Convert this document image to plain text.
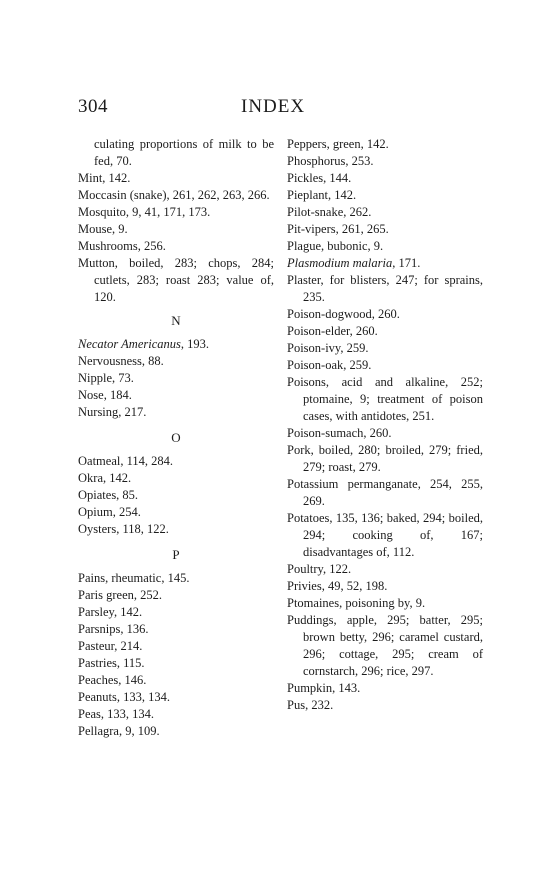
304	INDEX

culating proportions of milk to be fed, 70.

Mint, 142.

Moccasin (snake), 261, 262, 263, 266.

Mosquito, 9, 41, 171, 173.

Mouse, 9.

Mushrooms, 256.

Mutton, boiled, 283; chops, 284; cutlets, 283; roast 283; value of, 120.

N

Necator Americanus, 193.

Nervousness, 88.

Nipple, 73.

Nose, 184.

Nursing, 217.

O

Oatmeal, 114, 284.

Okra, 142.

Opiates, 85.

Opium, 254.

Oysters, 118, 122.

P

Pains, rheumatic, 145.

Paris green, 252.

Parsley, 142.

Parsnips, 136.

Pasteur, 214.

Pastries, 115.

Peaches, 146.

Peanuts, 133, 134.

Peas, 133, 134.

Pellagra, 9, 109.

Peppers, green, 142.

Phosphorus, 253.

Pickles, 144.

Pieplant, 142.

Pilot-snake, 262.

Pit-vipers, 261, 265.

Plague, bubonic, 9.

Plasmodium malaria, 171.

Plaster, for blisters, 247; for sprains, 235.

Poison-dogwood, 260.

Poison-elder, 260.

Poison-ivy, 259.

Poison-oak, 259.

Poisons, acid and alkaline, 252; ptomaine, 9; treatment of poison cases, with antidotes, 251.

Poison-sumach, 260.

Pork, boiled, 280; broiled, 279; fried, 279; roast, 279.

Potassium permanganate, 254, 255, 269.

Potatoes, 135, 136; baked, 294; boiled, 294; cooking of, 167; disadvantages of, 112.

Poultry, 122.

Privies, 49, 52, 198.

Ptomaines, poisoning by, 9.

Puddings, apple, 295; batter, 295; brown betty, 296; caramel custard, 296; cottage, 295; cream of cornstarch, 296; rice, 297.

Pumpkin, 143.

Pus, 232.
